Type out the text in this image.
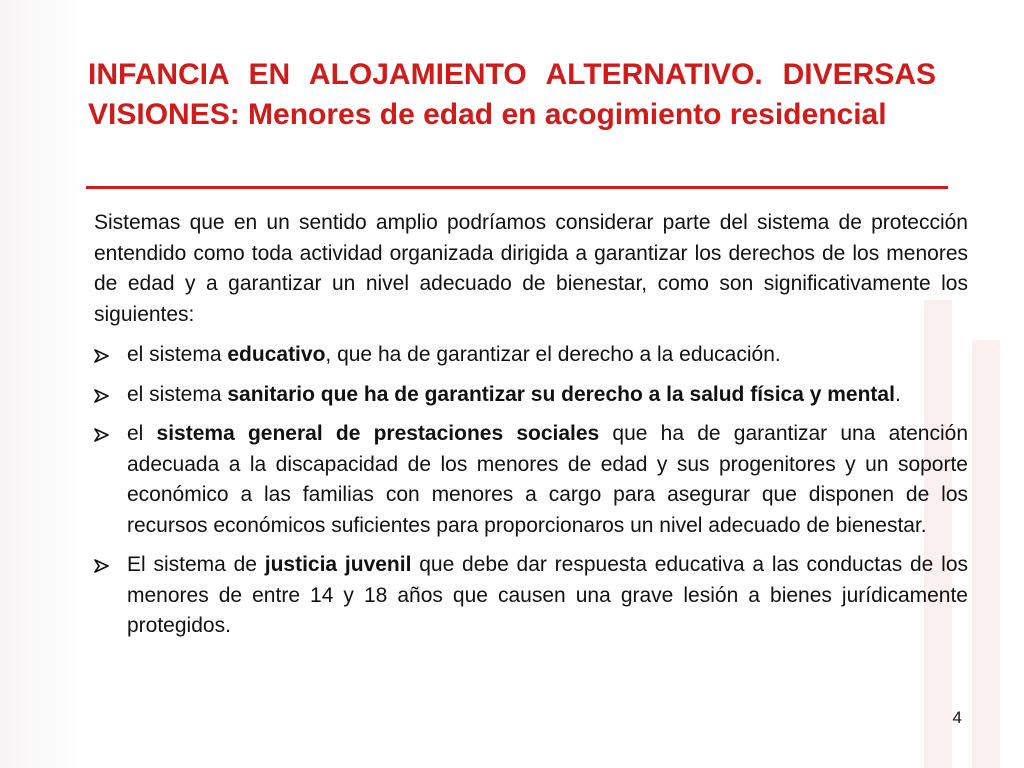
INFANCIA EN ALOJAMIENTO ALTERNATIVO. DIVERSAS VISIONES: Menores de edad en acogimiento residencial

Sistemas que en un sentido amplio podríamos considerar parte del sistema de protección entendido como toda actividad organizada dirigida a garantizar los derechos de los menores de edad y a garantizar un nivel adecuado de bienestar, como son significativamente los siguientes:

el sistema educativo, que ha de garantizar el derecho a la educación.
el sistema sanitario que ha de garantizar su derecho a la salud física y mental.
el sistema general de prestaciones sociales que ha de garantizar una atención adecuada a la discapacidad de los menores de edad y sus progenitores y un soporte económico a las familias con menores a cargo para asegurar que disponen de los recursos económicos suficientes para proporcionaros un nivel adecuado de bienestar.
El sistema de justicia juvenil que debe dar respuesta educativa a las conductas de los menores de entre 14 y 18 años que causen una grave lesión a bienes jurídicamente protegidos.
4
